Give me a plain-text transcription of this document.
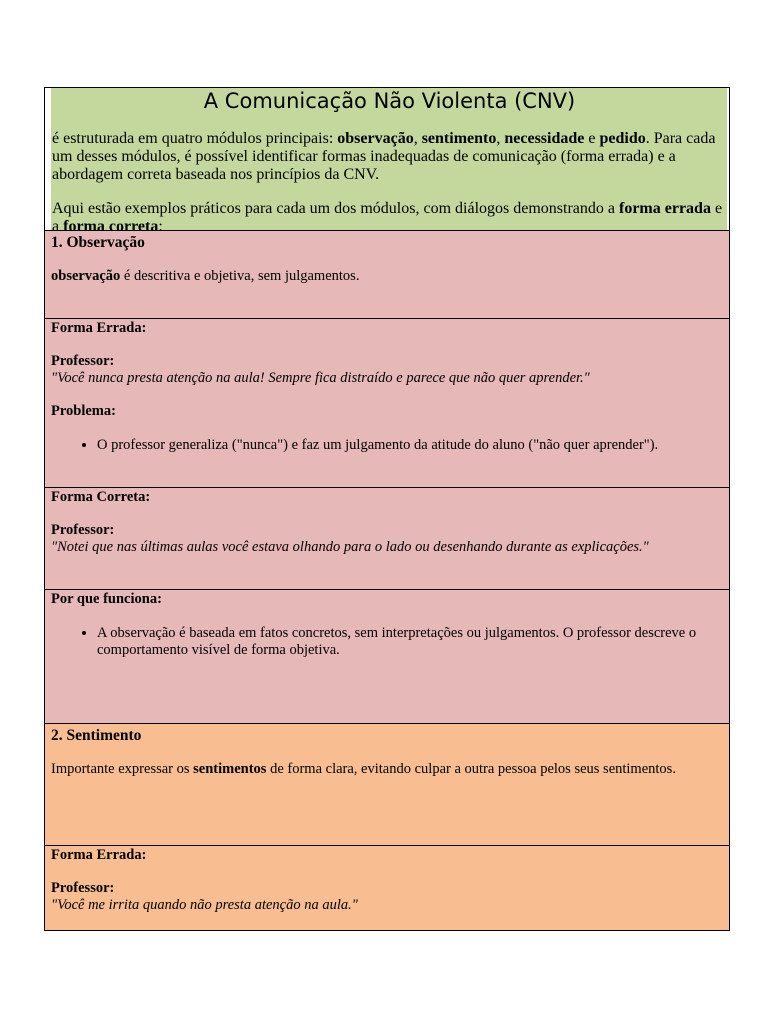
A Comunicação Não Violenta (CNV)

é estruturada em quatro módulos principais: observação, sentimento, necessidade e pedido. Para cada um desses módulos, é possível identificar formas inadequadas de comunicação (forma errada) e a abordagem correta baseada nos princípios da CNV.

Aqui estão exemplos práticos para cada um dos módulos, com diálogos demonstrando a forma errada e a forma correta:

1. Observação

observação é descritiva e objetiva, sem julgamentos.

Forma Errada:

Professor:

"Você nunca presta atenção na aula! Sempre fica distraído e parece que não quer aprender."

Problema:

• O professor generaliza ("nunca") e faz um julgamento da atitude do aluno ("não quer aprender").

Forma Correta:

Professor:

"Notei que nas últimas aulas você estava olhando para o lado ou desenhando durante as explicações."

Por que funciona:

• A observação é baseada em fatos concretos, sem interpretações ou julgamentos. O professor descreve o comportamento visível de forma objetiva.
2. Sentimento

Importante expressar os sentimentos de forma clara, evitando culpar a outra pessoa pelos seus sentimentos.

Forma Errada:

Professor:

"Você me irrita quando não presta atenção na aula."
